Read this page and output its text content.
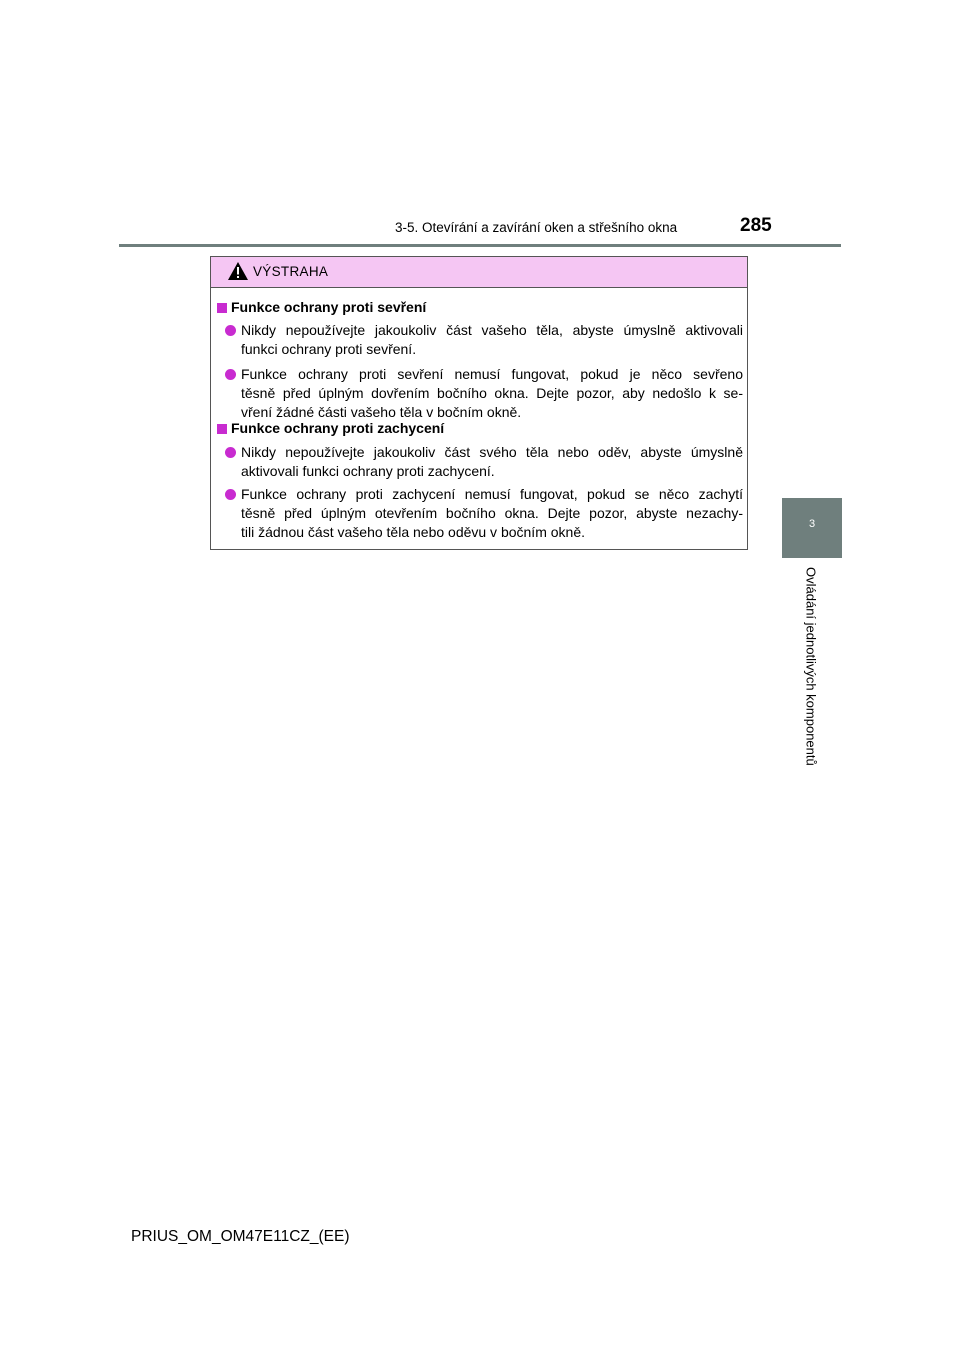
3-5. Otevírání a zavírání oken a střešního okna	285
3
Ovládání jednotlivých komponentů
VÝSTRAHA
Funkce ochrany proti sevření
Nikdy nepoužívejte jakoukoliv část vašeho těla, abyste úmyslně aktivovali
funkci ochrany proti sevření.
Funkce ochrany proti sevření nemusí fungovat, pokud je něco sevřeno
těsně před úplným dovřením bočního okna. Dejte pozor, aby nedošlo k se-
vření žádné části vašeho těla v bočním okně.
Funkce ochrany proti zachycení
Nikdy nepoužívejte jakoukoliv část svého těla nebo oděv, abyste úmyslně
aktivovali funkci ochrany proti zachycení.
Funkce ochrany proti zachycení nemusí fungovat, pokud se něco zachytí
těsně před úplným otevřením bočního okna. Dejte pozor, abyste nezachy-
tili žádnou část vašeho těla nebo oděvu v bočním okně.
PRIUS_OM_OM47E11CZ_(EE)
